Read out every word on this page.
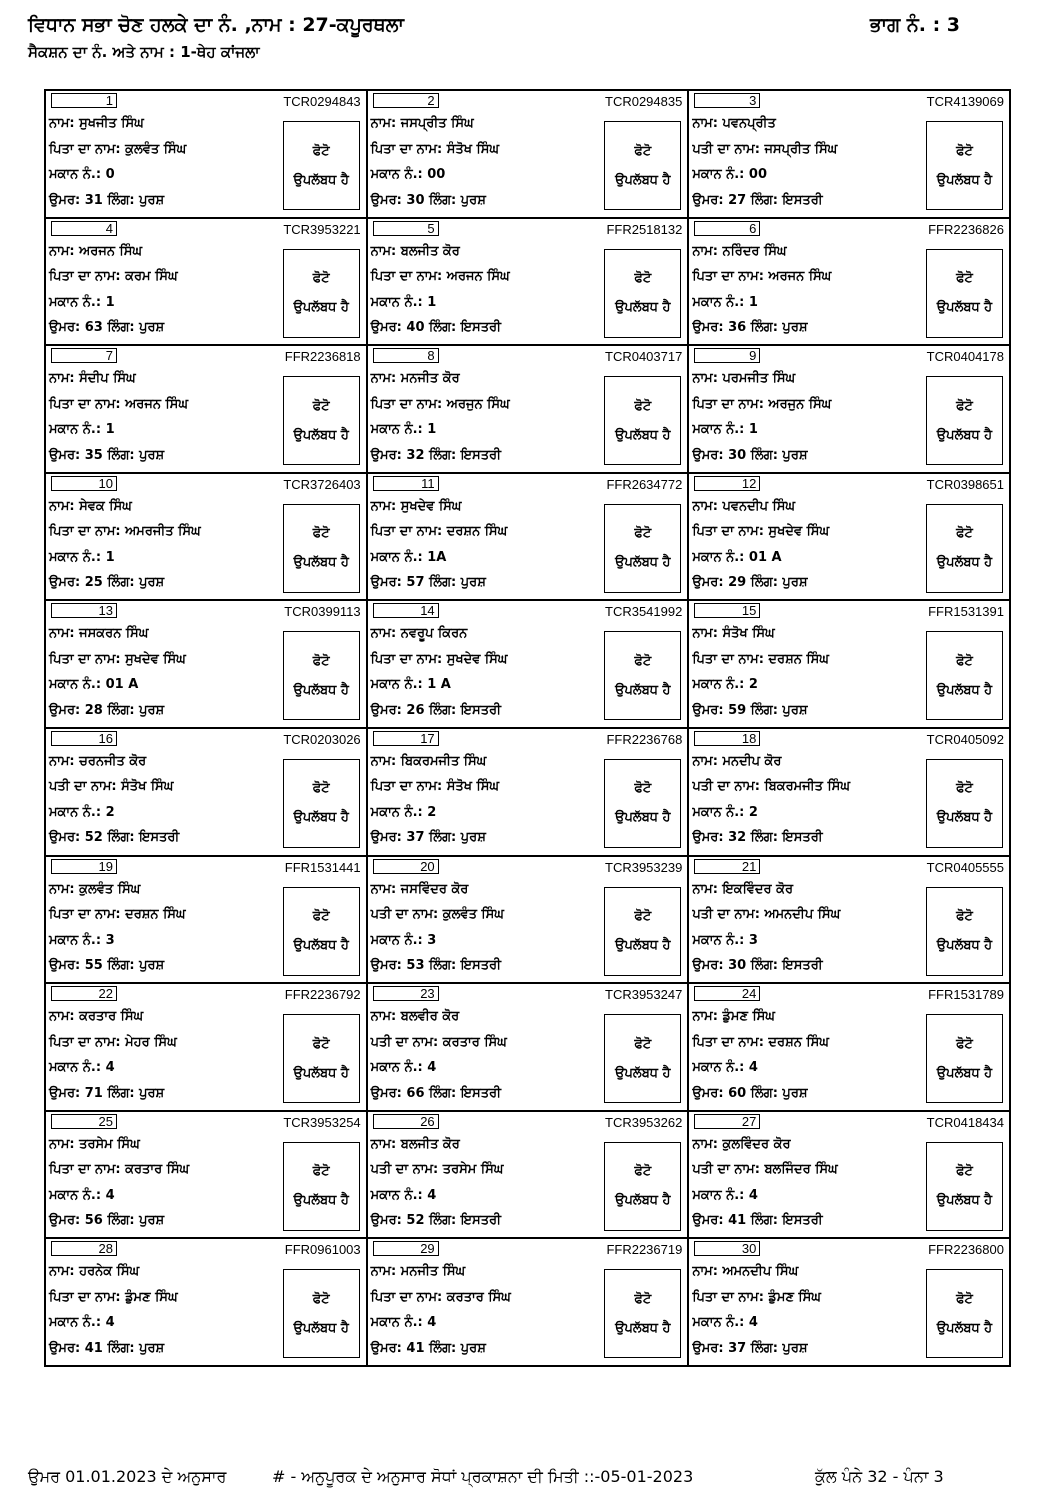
ਵਿਧਾਨ ਸਭਾ ਚੋਣ ਹਲਕੇ ਦਾ ਨੰ. ,ਨਾਮ : 27-ਕਪੂਰਥਲਾ	ਭਾਗ ਨੰ. : 3
ਸੈਕਸ਼ਨ ਦਾ ਨੰ. ਅਤੇ ਨਾਮ : 1-ਥੇਹ ਕਾਂਜਲਾ
1	TCR0294843
ਨਾਮ: ਸੁਖਜੀਤ ਸਿੰਘ
ਪਿਤਾ ਦਾ ਨਾਮ: ਕੁਲਵੰਤ ਸਿੰਘ
ਮਕਾਨ ਨੰ.: 0
ਉਮਰ: 31 ਲਿੰਗ: ਪੁਰਸ਼
ਫੋਟੋ
ਉਪਲੱਬਧ ਹੈ
2	TCR0294835
ਨਾਮ: ਜਸਪ੍ਰੀਤ ਸਿੰਘ
ਪਿਤਾ ਦਾ ਨਾਮ: ਸੰਤੋਖ ਸਿੰਘ
ਮਕਾਨ ਨੰ.: 00
ਉਮਰ: 30 ਲਿੰਗ: ਪੁਰਸ਼
ਫੋਟੋ
ਉਪਲੱਬਧ ਹੈ
3	TCR4139069
ਨਾਮ: ਪਵਨਪ੍ਰੀਤ
ਪਤੀ ਦਾ ਨਾਮ: ਜਸਪ੍ਰੀਤ ਸਿੰਘ
ਮਕਾਨ ਨੰ.: 00
ਉਮਰ: 27 ਲਿੰਗ: ਇਸਤਰੀ
ਫੋਟੋ
ਉਪਲੱਬਧ ਹੈ
4	TCR3953221
ਨਾਮ: ਅਰਜਨ ਸਿੰਘ
ਪਿਤਾ ਦਾ ਨਾਮ: ਕਰਮ ਸਿੰਘ
ਮਕਾਨ ਨੰ.: 1
ਉਮਰ: 63 ਲਿੰਗ: ਪੁਰਸ਼
ਫੋਟੋ
ਉਪਲੱਬਧ ਹੈ
5	FFR2518132
ਨਾਮ: ਬਲਜੀਤ ਕੋਰ
ਪਿਤਾ ਦਾ ਨਾਮ: ਅਰਜਨ ਸਿੰਘ
ਮਕਾਨ ਨੰ.: 1
ਉਮਰ: 40 ਲਿੰਗ: ਇਸਤਰੀ
ਫੋਟੋ
ਉਪਲੱਬਧ ਹੈ
6	FFR2236826
ਨਾਮ: ਨਰਿੰਦਰ ਸਿੰਘ
ਪਿਤਾ ਦਾ ਨਾਮ: ਅਰਜਨ ਸਿੰਘ
ਮਕਾਨ ਨੰ.: 1
ਉਮਰ: 36 ਲਿੰਗ: ਪੁਰਸ਼
ਫੋਟੋ
ਉਪਲੱਬਧ ਹੈ
7	FFR2236818
ਨਾਮ: ਸੰਦੀਪ ਸਿੰਘ
ਪਿਤਾ ਦਾ ਨਾਮ: ਅਰਜਨ ਸਿੰਘ
ਮਕਾਨ ਨੰ.: 1
ਉਮਰ: 35 ਲਿੰਗ: ਪੁਰਸ਼
ਫੋਟੋ
ਉਪਲੱਬਧ ਹੈ
8	TCR0403717
ਨਾਮ: ਮਨਜੀਤ ਕੋਰ
ਪਿਤਾ ਦਾ ਨਾਮ: ਅਰਜੁਨ ਸਿੰਘ
ਮਕਾਨ ਨੰ.: 1
ਉਮਰ: 32 ਲਿੰਗ: ਇਸਤਰੀ
ਫੋਟੋ
ਉਪਲੱਬਧ ਹੈ
9	TCR0404178
ਨਾਮ: ਪਰਮਜੀਤ ਸਿੰਘ
ਪਿਤਾ ਦਾ ਨਾਮ: ਅਰਜੁਨ ਸਿੰਘ
ਮਕਾਨ ਨੰ.: 1
ਉਮਰ: 30 ਲਿੰਗ: ਪੁਰਸ਼
ਫੋਟੋ
ਉਪਲੱਬਧ ਹੈ
10	TCR3726403
ਨਾਮ: ਸੇਵਕ ਸਿੰਘ
ਪਿਤਾ ਦਾ ਨਾਮ: ਅਮਰਜੀਤ ਸਿੰਘ
ਮਕਾਨ ਨੰ.: 1
ਉਮਰ: 25 ਲਿੰਗ: ਪੁਰਸ਼
ਫੋਟੋ
ਉਪਲੱਬਧ ਹੈ
11	FFR2634772
ਨਾਮ: ਸੁਖਦੇਵ ਸਿੰਘ
ਪਿਤਾ ਦਾ ਨਾਮ: ਦਰਸ਼ਨ ਸਿੰਘ
ਮਕਾਨ ਨੰ.: 1A
ਉਮਰ: 57 ਲਿੰਗ: ਪੁਰਸ਼
ਫੋਟੋ
ਉਪਲੱਬਧ ਹੈ
12	TCR0398651
ਨਾਮ: ਪਵਨਦੀਪ ਸਿੰਘ
ਪਿਤਾ ਦਾ ਨਾਮ: ਸੁਖਦੇਵ ਸਿੰਘ
ਮਕਾਨ ਨੰ.: 01 A
ਉਮਰ: 29 ਲਿੰਗ: ਪੁਰਸ਼
ਫੋਟੋ
ਉਪਲੱਬਧ ਹੈ
13	TCR0399113
ਨਾਮ: ਜਸਕਰਨ ਸਿੰਘ
ਪਿਤਾ ਦਾ ਨਾਮ: ਸੁਖਦੇਵ ਸਿੰਘ
ਮਕਾਨ ਨੰ.: 01 A
ਉਮਰ: 28 ਲਿੰਗ: ਪੁਰਸ਼
ਫੋਟੋ
ਉਪਲੱਬਧ ਹੈ
14	TCR3541992
ਨਾਮ: ਨਵਰੂਪ ਕਿਰਨ
ਪਿਤਾ ਦਾ ਨਾਮ: ਸੁਖਦੇਵ ਸਿੰਘ
ਮਕਾਨ ਨੰ.: 1 A
ਉਮਰ: 26 ਲਿੰਗ: ਇਸਤਰੀ
ਫੋਟੋ
ਉਪਲੱਬਧ ਹੈ
15	FFR1531391
ਨਾਮ: ਸੰਤੋਖ ਸਿੰਘ
ਪਿਤਾ ਦਾ ਨਾਮ: ਦਰਸ਼ਨ ਸਿੰਘ
ਮਕਾਨ ਨੰ.: 2
ਉਮਰ: 59 ਲਿੰਗ: ਪੁਰਸ਼
ਫੋਟੋ
ਉਪਲੱਬਧ ਹੈ
16	TCR0203026
ਨਾਮ: ਚਰਨਜੀਤ ਕੋਰ
ਪਤੀ ਦਾ ਨਾਮ: ਸੰਤੋਖ ਸਿੰਘ
ਮਕਾਨ ਨੰ.: 2
ਉਮਰ: 52 ਲਿੰਗ: ਇਸਤਰੀ
ਫੋਟੋ
ਉਪਲੱਬਧ ਹੈ
17	FFR2236768
ਨਾਮ: ਬਿਕਰਮਜੀਤ ਸਿੰਘ
ਪਿਤਾ ਦਾ ਨਾਮ: ਸੰਤੋਖ ਸਿੰਘ
ਮਕਾਨ ਨੰ.: 2
ਉਮਰ: 37 ਲਿੰਗ: ਪੁਰਸ਼
ਫੋਟੋ
ਉਪਲੱਬਧ ਹੈ
18	TCR0405092
ਨਾਮ: ਮਨਦੀਪ ਕੋਰ
ਪਤੀ ਦਾ ਨਾਮ: ਬਿਕਰਮਜੀਤ ਸਿੰਘ
ਮਕਾਨ ਨੰ.: 2
ਉਮਰ: 32 ਲਿੰਗ: ਇਸਤਰੀ
ਫੋਟੋ
ਉਪਲੱਬਧ ਹੈ
19	FFR1531441
ਨਾਮ: ਕੁਲਵੰਤ ਸਿੰਘ
ਪਿਤਾ ਦਾ ਨਾਮ: ਦਰਸ਼ਨ ਸਿੰਘ
ਮਕਾਨ ਨੰ.: 3
ਉਮਰ: 55 ਲਿੰਗ: ਪੁਰਸ਼
ਫੋਟੋ
ਉਪਲੱਬਧ ਹੈ
20	TCR3953239
ਨਾਮ: ਜਸਵਿੰਦਰ ਕੋਰ
ਪਤੀ ਦਾ ਨਾਮ: ਕੁਲਵੰਤ ਸਿੰਘ
ਮਕਾਨ ਨੰ.: 3
ਉਮਰ: 53 ਲਿੰਗ: ਇਸਤਰੀ
ਫੋਟੋ
ਉਪਲੱਬਧ ਹੈ
21	TCR0405555
ਨਾਮ: ਇਕਵਿੰਦਰ ਕੋਰ
ਪਤੀ ਦਾ ਨਾਮ: ਅਮਨਦੀਪ ਸਿੰਘ
ਮਕਾਨ ਨੰ.: 3
ਉਮਰ: 30 ਲਿੰਗ: ਇਸਤਰੀ
ਫੋਟੋ
ਉਪਲੱਬਧ ਹੈ
22	FFR2236792
ਨਾਮ: ਕਰਤਾਰ ਸਿੰਘ
ਪਿਤਾ ਦਾ ਨਾਮ: ਮੇਹਰ ਸਿੰਘ
ਮਕਾਨ ਨੰ.: 4
ਉਮਰ: 71 ਲਿੰਗ: ਪੁਰਸ਼
ਫੋਟੋ
ਉਪਲੱਬਧ ਹੈ
23	TCR3953247
ਨਾਮ: ਬਲਵੀਰ ਕੋਰ
ਪਤੀ ਦਾ ਨਾਮ: ਕਰਤਾਰ ਸਿੰਘ
ਮਕਾਨ ਨੰ.: 4
ਉਮਰ: 66 ਲਿੰਗ: ਇਸਤਰੀ
ਫੋਟੋ
ਉਪਲੱਬਧ ਹੈ
24	FFR1531789
ਨਾਮ: ਡੁੰਮਣ ਸਿੰਘ
ਪਿਤਾ ਦਾ ਨਾਮ: ਦਰਸ਼ਨ ਸਿੰਘ
ਮਕਾਨ ਨੰ.: 4
ਉਮਰ: 60 ਲਿੰਗ: ਪੁਰਸ਼
ਫੋਟੋ
ਉਪਲੱਬਧ ਹੈ
25	TCR3953254
ਨਾਮ: ਤਰਸੇਮ ਸਿੰਘ
ਪਿਤਾ ਦਾ ਨਾਮ: ਕਰਤਾਰ ਸਿੰਘ
ਮਕਾਨ ਨੰ.: 4
ਉਮਰ: 56 ਲਿੰਗ: ਪੁਰਸ਼
ਫੋਟੋ
ਉਪਲੱਬਧ ਹੈ
26	TCR3953262
ਨਾਮ: ਬਲਜੀਤ ਕੋਰ
ਪਤੀ ਦਾ ਨਾਮ: ਤਰਸੇਮ ਸਿੰਘ
ਮਕਾਨ ਨੰ.: 4
ਉਮਰ: 52 ਲਿੰਗ: ਇਸਤਰੀ
ਫੋਟੋ
ਉਪਲੱਬਧ ਹੈ
27	TCR0418434
ਨਾਮ: ਕੁਲਵਿੰਦਰ ਕੋਰ
ਪਤੀ ਦਾ ਨਾਮ: ਬਲਜਿੰਦਰ ਸਿੰਘ
ਮਕਾਨ ਨੰ.: 4
ਉਮਰ: 41 ਲਿੰਗ: ਇਸਤਰੀ
ਫੋਟੋ
ਉਪਲੱਬਧ ਹੈ
28	FFR0961003
ਨਾਮ: ਹਰਨੇਕ ਸਿੰਘ
ਪਿਤਾ ਦਾ ਨਾਮ: ਡੁੰਮਣ ਸਿੰਘ
ਮਕਾਨ ਨੰ.: 4
ਉਮਰ: 41 ਲਿੰਗ: ਪੁਰਸ਼
ਫੋਟੋ
ਉਪਲੱਬਧ ਹੈ
29	FFR2236719
ਨਾਮ: ਮਨਜੀਤ ਸਿੰਘ
ਪਿਤਾ ਦਾ ਨਾਮ: ਕਰਤਾਰ ਸਿੰਘ
ਮਕਾਨ ਨੰ.: 4
ਉਮਰ: 41 ਲਿੰਗ: ਪੁਰਸ਼
ਫੋਟੋ
ਉਪਲੱਬਧ ਹੈ
30	FFR2236800
ਨਾਮ: ਅਮਨਦੀਪ ਸਿੰਘ
ਪਿਤਾ ਦਾ ਨਾਮ: ਡੁੰਮਣ ਸਿੰਘ
ਮਕਾਨ ਨੰ.: 4
ਉਮਰ: 37 ਲਿੰਗ: ਪੁਰਸ਼
ਫੋਟੋ
ਉਪਲੱਬਧ ਹੈ
ਉਮਰ 01.01.2023 ਦੇ ਅਨੁਸਾਰ	# - ਅਨੁਪੂਰਕ ਦੇ ਅਨੁਸਾਰ ਸੋਧਾਂ ਪ੍ਰਕਾਸ਼ਨਾ ਦੀ ਮਿਤੀ ::-05-01-2023	ਕੁੱਲ ਪੰਨੇ 32 - ਪੰਨਾ 3
